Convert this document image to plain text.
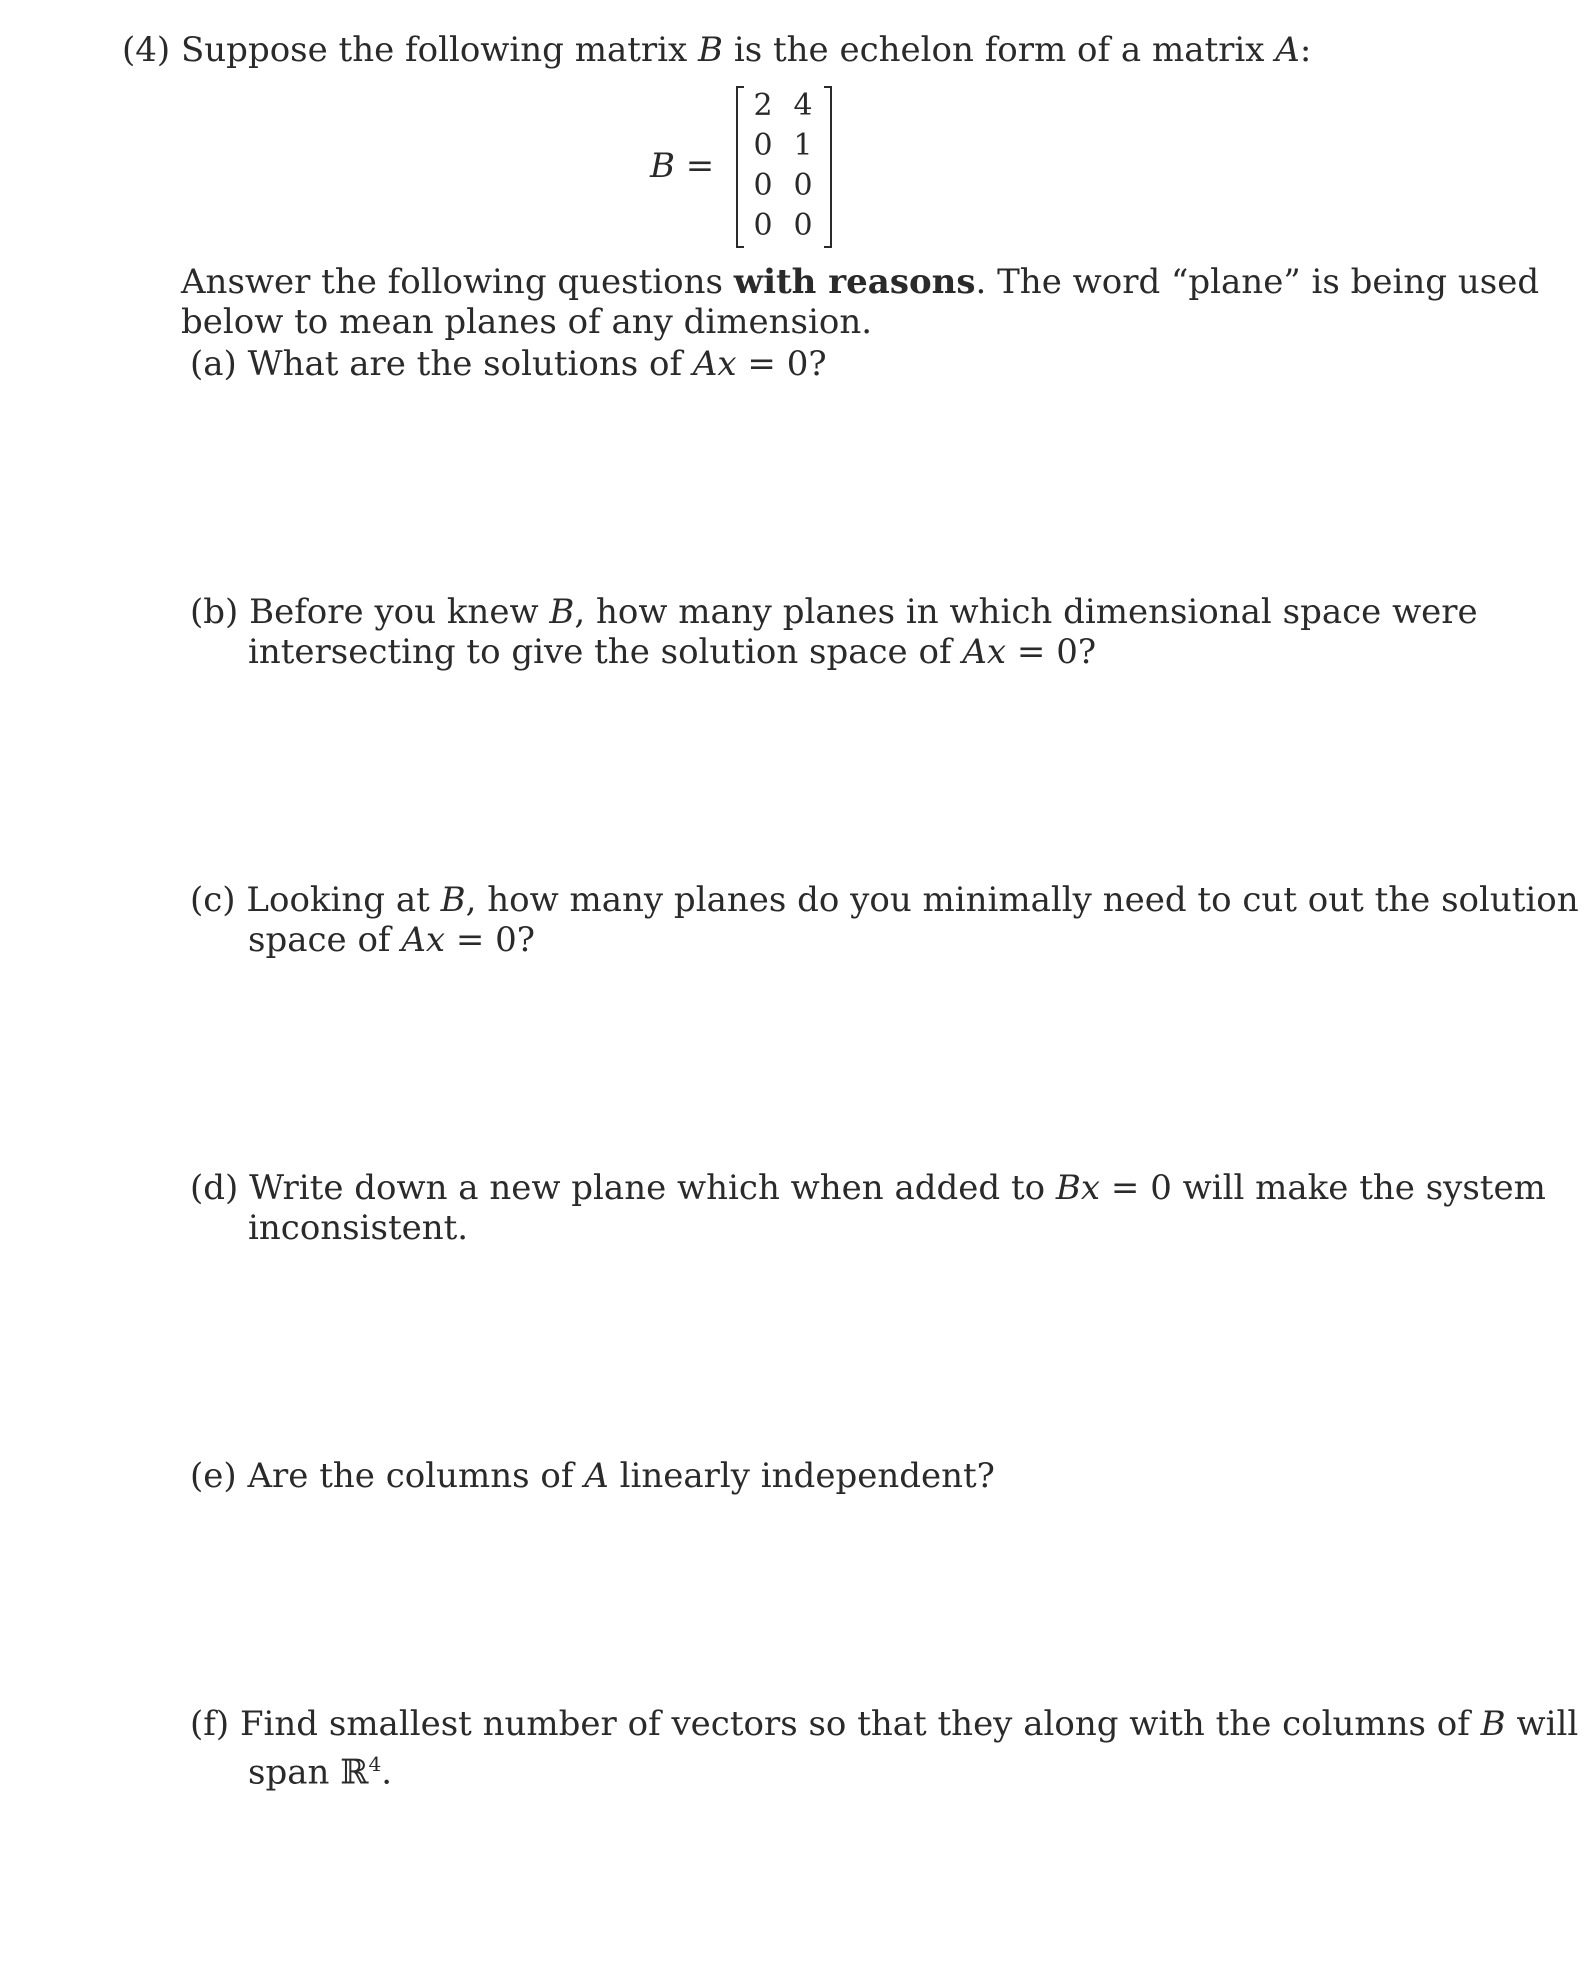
(4) Suppose the following matrix B is the echelon form of a matrix A:
B =
2 4
0 1
0 0
0 0
Answer the following questions with reasons. The word “plane” is being used
below to mean planes of any dimension.
(a) What are the solutions of Ax = 0?
(b) Before you knew B, how many planes in which dimensional space were
intersecting to give the solution space of Ax = 0?
(c) Looking at B, how many planes do you minimally need to cut out the solution
space of Ax = 0?
(d) Write down a new plane which when added to Bx = 0 will make the system
inconsistent.
(e) Are the columns of A linearly independent?
(f) Find smallest number of vectors so that they along with the columns of B will
span ℝ$^4$.
